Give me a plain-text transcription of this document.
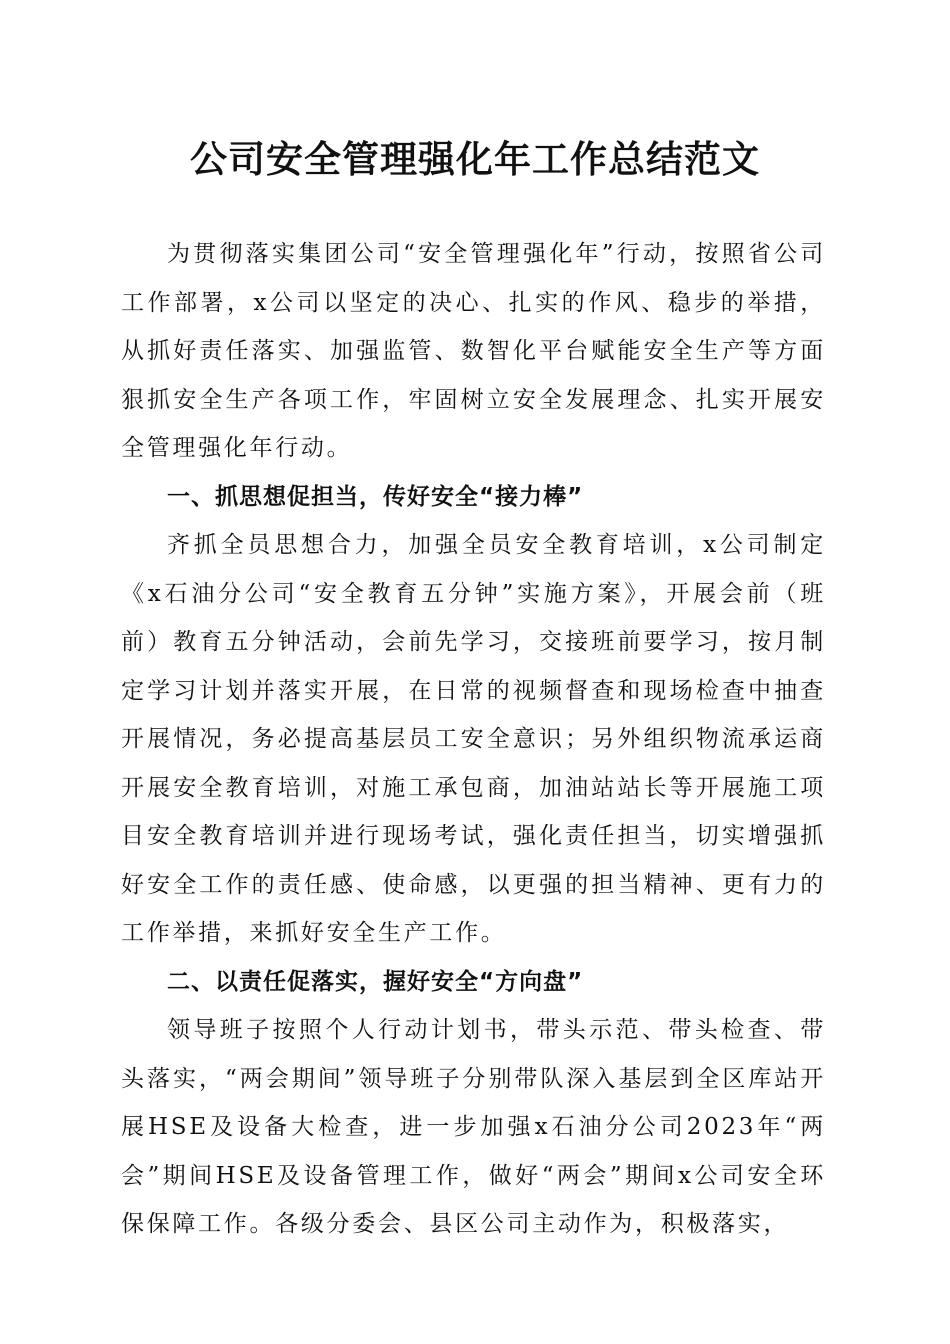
公司安全管理强化年工作总结范文

为贯彻落实集团公司“安全管理强化年”行动，按照省公司工作部署，x公司以坚定的决心、扎实的作风、稳步的举措，从抓好责任落实、加强监管、数智化平台赋能安全生产等方面狠抓安全生产各项工作，牢固树立安全发展理念、扎实开展安全管理强化年行动。

一、抓思想促担当，传好安全“接力棒”

齐抓全员思想合力，加强全员安全教育培训，x公司制定《x石油分公司“安全教育五分钟”实施方案》，开展会前（班前）教育五分钟活动，会前先学习，交接班前要学习，按月制定学习计划并落实开展，在日常的视频督查和现场检查中抽查开展情况，务必提高基层员工安全意识；另外组织物流承运商开展安全教育培训，对施工承包商，加油站站长等开展施工项目安全教育培训并进行现场考试，强化责任担当，切实增强抓好安全工作的责任感、使命感，以更强的担当精神、更有力的工作举措，来抓好安全生产工作。

二、以责任促落实，握好安全“方向盘”

领导班子按照个人行动计划书，带头示范、带头检查、带头落实，“两会期间”领导班子分别带队深入基层到全区库站开展HSE及设备大检查，进一步加强x石油分公司2023年“两会”期间HSE及设备管理工作，做好“两会”期间x公司安全环保保障工作。各级分委会、县区公司主动作为，积极落实，
